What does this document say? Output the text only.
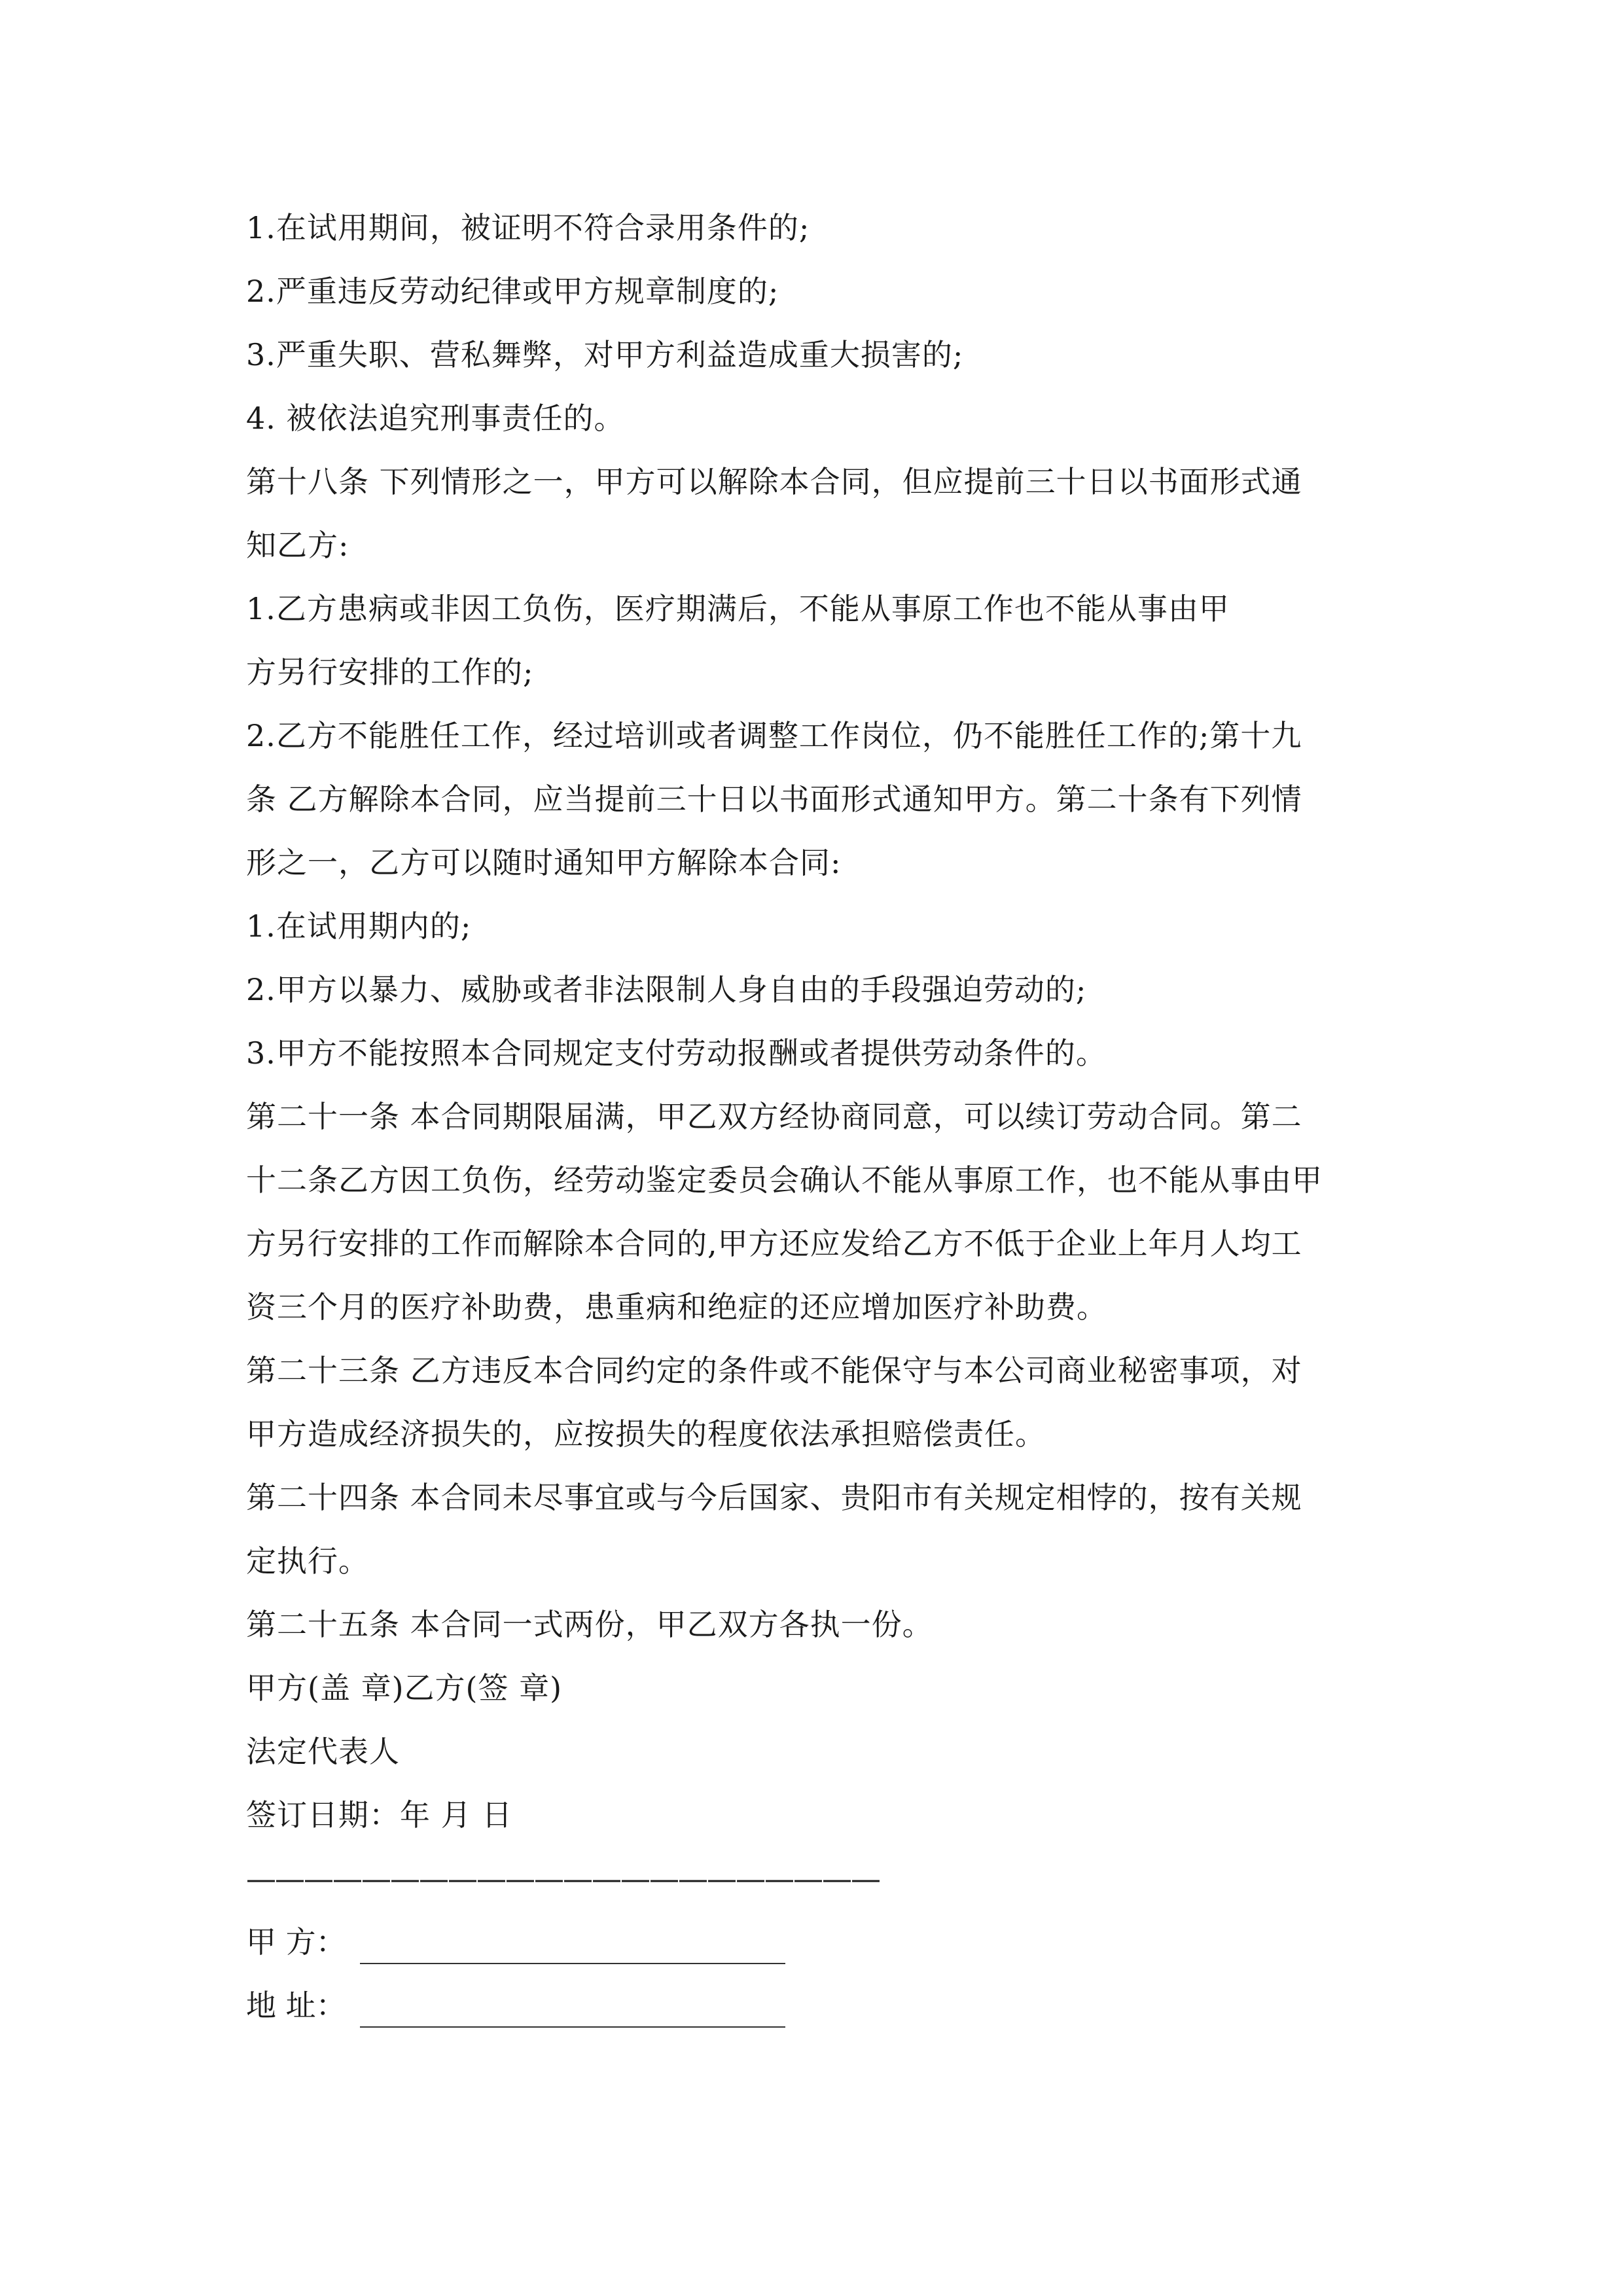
1.在试用期间，被证明不符合录用条件的;
2.严重违反劳动纪律或甲方规章制度的;
3.严重失职、营私舞弊，对甲方利益造成重大损害的;
4. 被依法追究刑事责任的。
第十八条 下列情形之一，甲方可以解除本合同，但应提前三十日以书面形式通
知乙方:
1.乙方患病或非因工负伤，医疗期满后，不能从事原工作也不能从事由甲
方另行安排的工作的;
2.乙方不能胜任工作，经过培训或者调整工作岗位，仍不能胜任工作的;第十九
条 乙方解除本合同，应当提前三十日以书面形式通知甲方。第二十条有下列情
形之一，乙方可以随时通知甲方解除本合同:
1.在试用期内的;
2.甲方以暴力、威胁或者非法限制人身自由的手段强迫劳动的;
3.甲方不能按照本合同规定支付劳动报酬或者提供劳动条件的。
第二十一条 本合同期限届满，甲乙双方经协商同意，可以续订劳动合同。第二
十二条乙方因工负伤，经劳动鉴定委员会确认不能从事原工作，也不能从事由甲
方另行安排的工作而解除本合同的,甲方还应发给乙方不低于企业上年月人均工
资三个月的医疗补助费，患重病和绝症的还应增加医疗补助费。
第二十三条 乙方违反本合同约定的条件或不能保守与本公司商业秘密事项，对
甲方造成经济损失的，应按损失的程度依法承担赔偿责任。
第二十四条 本合同未尽事宜或与今后国家、贵阳市有关规定相悖的，按有关规
定执行。
第二十五条 本合同一式两份，甲乙双方各执一份。
甲方(盖 章)乙方(签 章)
法定代表人
签订日期：年 月 日
——————————————————————
甲 方：
地 址：
